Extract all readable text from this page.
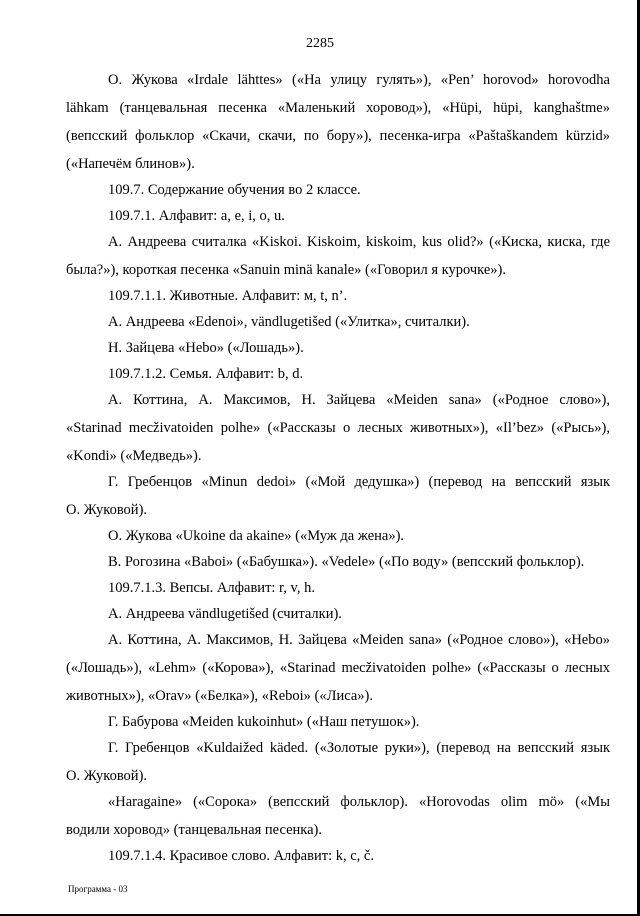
2285
О. Жукова «Irdale lähttes» («На улицу гулять»), «Pen’ horovod» horovodha
lähkam (танцевальная песенка «Маленький хоровод»), «Hüpi, hüpi, kanghaštme»
(вепсский фольклор «Скачи, скачи, по бору»), песенка-игра «Paštaškandem kürzid»
(«Напечём блинов»).
109.7. Содержание обучения во 2 классе.
109.7.1. Алфавит: a, e, i, o, u.
А. Андреева считалка «Kiskoi. Kiskoim, kiskoim, kus olid?» («Киска, киска, где
была?»), короткая песенка «Sanuin minä kanale» («Говорил я курочке»).
109.7.1.1. Животные. Алфавит: м, t, n’.
А. Андреева «Edenoi», vändlugetišed («Улитка», считалки).
Н. Зайцева «Hebo» («Лошадь»).
109.7.1.2. Семья. Алфавит: b, d.
А. Коттина, А. Максимов, Н. Зайцева «Meiden sana» («Родное слово»),
«Starinad mecživatoiden polhe» («Рассказы о лесных животных»), «Il’bez» («Рысь»),
«Kondi» («Медведь»).
Г. Гребенцов «Minun dedoi» («Мой дедушка») (перевод на вепсский язык
О. Жуковой).
О. Жукова «Ukoine da akaine» («Муж да жена»).
В. Рогозина «Baboi» («Бабушка»). «Vedele» («По воду» (вепсский фольклор).
109.7.1.3. Вепсы. Алфавит: r, v, h.
А. Андреева vändlugetišed (считалки).
А. Коттина, А. Максимов, Н. Зайцева «Meiden sana» («Родное слово»), «Hebo»
(«Лошадь»), «Lehm» («Корова»), «Starinad mecživatoiden polhe» («Рассказы о лесных
животных»), «Orav» («Белка»), «Reboi» («Лиса»).
Г. Бабурова «Meiden kukoinhut» («Наш петушок»).
Г. Гребенцов «Kuldaižed käded. («Золотые руки»), (перевод на вепсский язык
О. Жуковой).
«Haragaine» («Сорока» (вепсский фольклор). «Horovodas olim mö» («Мы
водили хоровод» (танцевальная песенка).
109.7.1.4. Красивое слово. Алфавит: k, c, č.
Программа - 03
